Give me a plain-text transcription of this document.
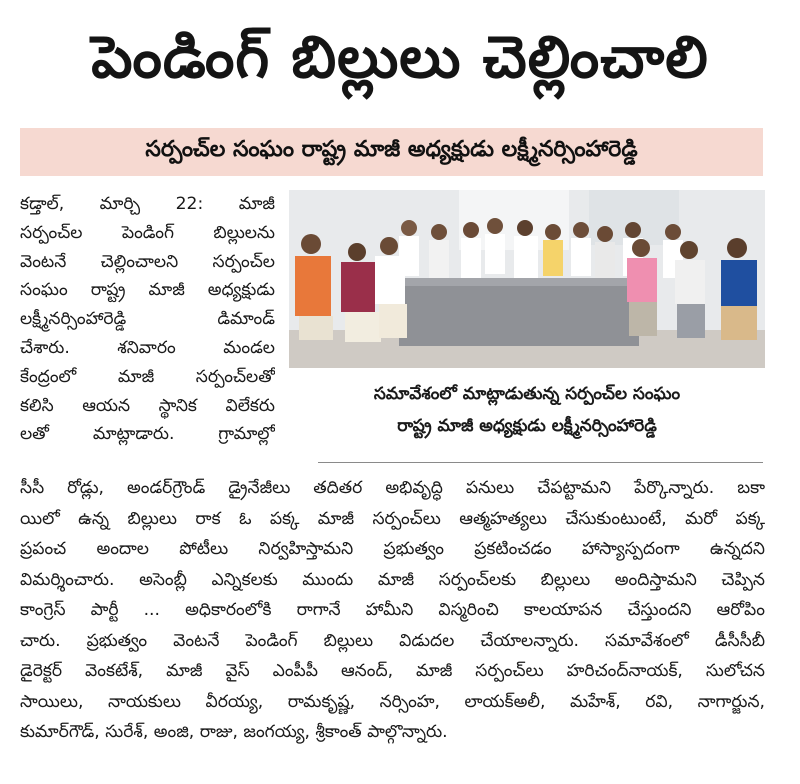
పెండింగ్ బిల్లులు చెల్లించాలి
సర్పంచ్‌ల సంఘం రాష్ట్ర మాజీ అధ్యక్షుడు లక్ష్మీనర్సింహారెడ్డి
కడ్తాల్, మార్చి 22: మాజీ
సర్పంచ్‌ల పెండింగ్ బిల్లులను
వెంటనే చెల్లించాలని సర్పంచ్‌ల
సంఘం రాష్ట్ర మాజీ అధ్యక్షుడు
లక్ష్మీనర్సింహారెడ్డి డిమాండ్
చేశారు. శనివారం మండల
కేంద్రంలో మాజీ సర్పంచ్‌లతో
కలిసి ఆయన స్థానిక విలేకరు
లతో మాట్లాడారు. గ్రామాల్లో
సమావేశంలో మాట్లాడుతున్న సర్పంచ్‌ల సంఘం
రాష్ట్ర మాజీ అధ్యక్షుడు లక్ష్మీనర్సింహారెడ్డి
సీసీ రోడ్లు, అండర్‌గ్రౌండ్ డ్రైనేజీలు తదితర అభివృద్ధి పనులు చేపట్టామని పేర్కొన్నారు. బకా
యిలో ఉన్న బిల్లులు రాక ఓ పక్క మాజీ సర్పంచ్‌లు ఆత్మహత్యలు చేసుకుంటుంటే, మరో పక్క
ప్రపంచ అందాల పోటీలు నిర్వహిస్తామని ప్రభుత్వం ప్రకటించడం హాస్యాస్పదంగా ఉన్నదని
విమర్శించారు. అసెంబ్లీ ఎన్నికలకు ముందు మాజీ సర్పంచ్‌లకు బిల్లులు అందిస్తామని చెప్పిన
కాంగ్రెస్ పార్టీ ... అధికారంలోకి రాగానే హామీని విస్మరించి కాలయాపన చేస్తుందని ఆరోపిం
చారు. ప్రభుత్వం వెంటనే పెండింగ్ బిల్లులు విడుదల చేయాలన్నారు. సమావేశంలో డీసీసీబీ
డైరెక్టర్ వెంకటేశ్, మాజీ వైస్ ఎంపీపీ ఆనంద్, మాజీ సర్పంచ్‌లు హరిచంద్‌నాయక్, సులోచన
సాయిలు, నాయకులు వీరయ్య, రామకృష్ణ, నర్సింహ, లాయక్‌అలీ, మహేశ్, రవి, నాగార్జున,
కుమార్‌గౌడ్, సురేశ్, అంజి, రాజు, జంగయ్య, శ్రీకాంత్ పాల్గొన్నారు.
